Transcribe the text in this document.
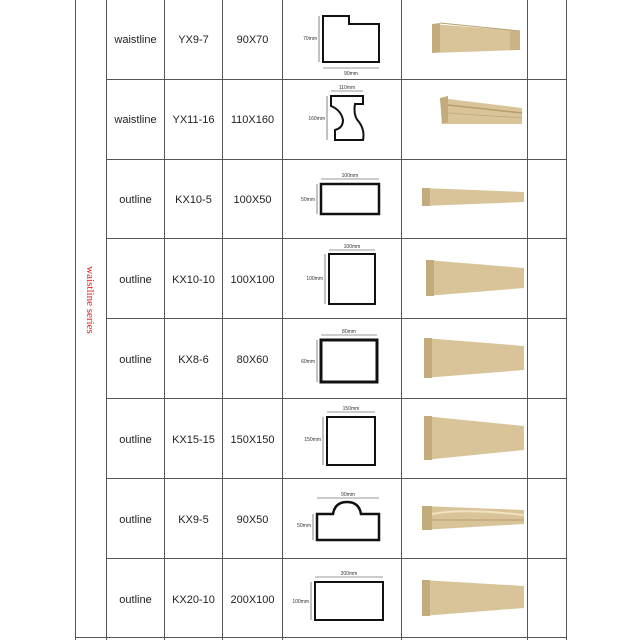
waistline series
waistline	YX9-7	90X70	70mm
90mm
waistline	YX11-16	110X160
110mm
160mm
outline	KX10-5	100X50
100mm
50mm
outline	KX10-10	100X100
100mm
100mm
outline	KX8-6	80X60
80mm
60mm
outline	KX15-15	150X150
150mm
150mm
outline	KX9-5	90X50
90mm
50mm
outline	KX20-10	200X100
200mm
100mm
